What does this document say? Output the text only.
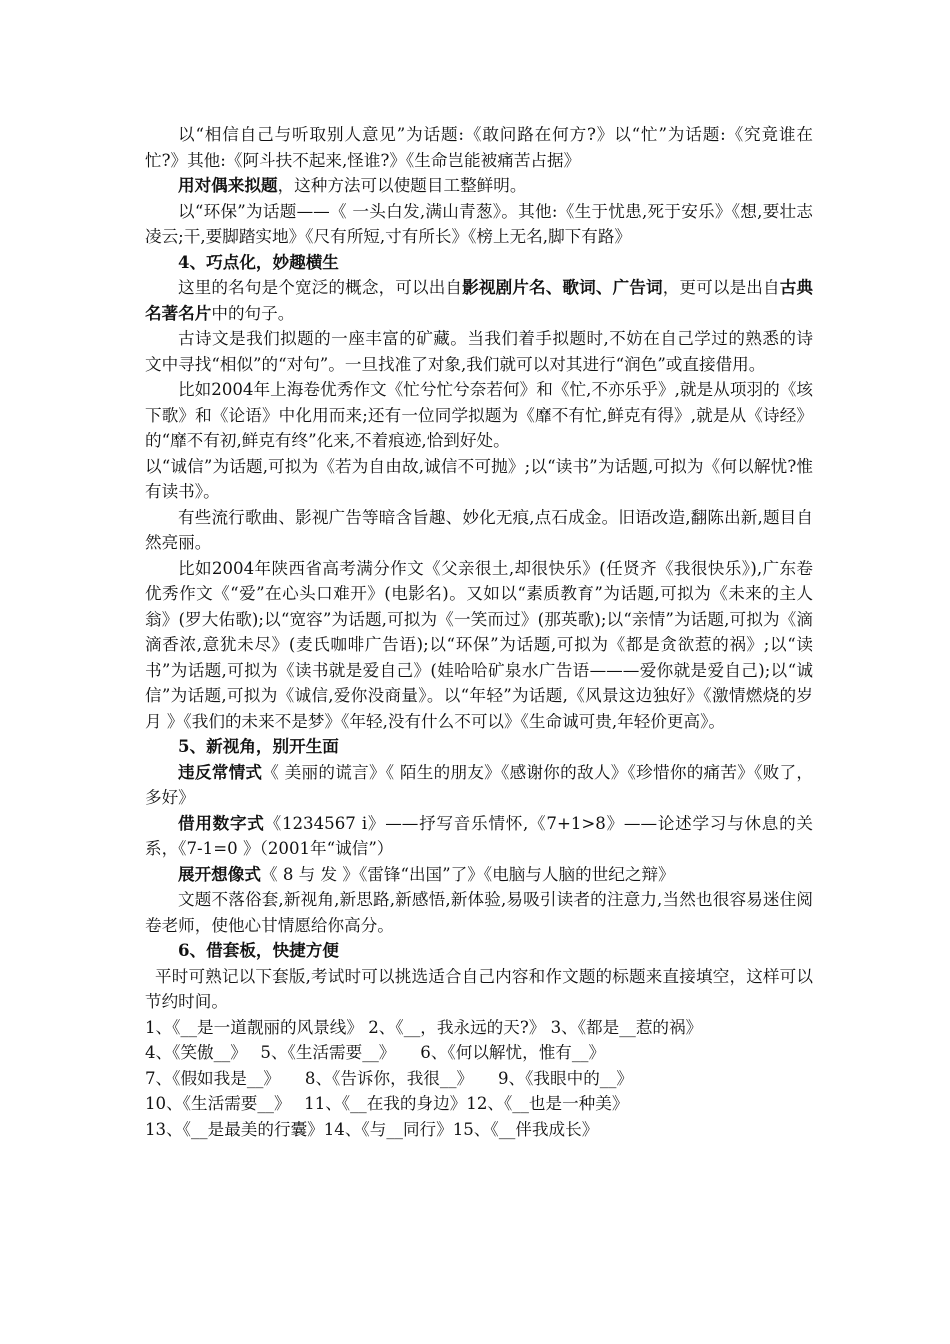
以“相信自己与听取别人意见”为话题:《敢问路在何方?》以“忙”为话题:《究竟谁在忙?》其他:《阿斗扶不起来,怪谁?》《生命岂能被痛苦占据》

用对偶来拟题，这种方法可以使题目工整鲜明。

以“环保”为话题——《 一头白发,满山青葱》。其他:《生于忧患,死于安乐》《想,要壮志凌云;干,要脚踏实地》《尺有所短,寸有所长》《榜上无名,脚下有路》

4、巧点化，妙趣横生

这里的名句是个宽泛的概念，可以出自影视剧片名、歌词、广告词，更可以是出自古典名著名片中的句子。

古诗文是我们拟题的一座丰富的矿藏。当我们着手拟题时,不妨在自己学过的熟悉的诗文中寻找“相似”的“对句”。一旦找准了对象,我们就可以对其进行“润色”或直接借用。

比如2004年上海卷优秀作文《忙兮忙兮奈若何》和《忙,不亦乐乎》,就是从项羽的《垓下歌》和《论语》中化用而来;还有一位同学拟题为《靡不有忙,鲜克有得》,就是从《诗经》的“靡不有初,鲜克有终”化来,不着痕迹,恰到好处。

以“诚信”为话题,可拟为《若为自由故,诚信不可抛》;以“读书”为话题,可拟为《何以解忧?惟有读书》。

有些流行歌曲、影视广告等暗含旨趣、妙化无痕,点石成金。旧语改造,翻陈出新,题目自然亮丽。

比如2004年陕西省高考满分作文《父亲很土,却很快乐》(任贤齐《我很快乐》),广东卷优秀作文《“爱”在心头口难开》(电影名)。又如以“素质教育”为话题,可拟为《未来的主人翁》(罗大佑歌);以“宽容”为话题,可拟为《一笑而过》(那英歌);以“亲情”为话题,可拟为《滴滴香浓,意犹未尽》(麦氏咖啡广告语);以“环保”为话题,可拟为《都是贪欲惹的祸》;以“读书”为话题,可拟为《读书就是爱自己》(娃哈哈矿泉水广告语———爱你就是爱自己);以“诚信”为话题,可拟为《诚信,爱你没商量》。以“年轻”为话题,《风景这边独好》《激情燃烧的岁月 》《我们的未来不是梦》《年轻,没有什么不可以》《生命诚可贵,年轻价更高》。

5、新视角，别开生面

违反常情式《 美丽的谎言》《 陌生的朋友》《感谢你的敌人》《珍惜你的痛苦》《败了，多好》

借用数字式《1234567 i》——抒写音乐情怀,《7+1>8》——论述学习与休息的关系，《7-1=0 》（2001年“诚信”）

展开想像式《 8 与 发 》《雷锋“出国”了》《电脑与人脑的世纪之辩》

文题不落俗套,新视角,新思路,新感悟,新体验,易吸引读者的注意力,当然也很容易迷住阅卷老师，使他心甘情愿给你高分。

6、借套板，快捷方便

平时可熟记以下套版,考试时可以挑选适合自己内容和作文题的标题来直接填空，这样可以节约时间。

1、《__是一道靓丽的风景线》 2、《__，我永远的天?》 3、《都是__惹的祸》

4、《笑傲__》　 5、《生活需要__》　　6、《何以解忧，惟有__》

7、《假如我是__》　　8、《告诉你，我很__》　　9、《我眼中的__》

10、《生活需要__》　 11、《__在我的身边》12、《__也是一种美》

13、《__是最美的行囊》14、《与__同行》15、《__伴我成长》
